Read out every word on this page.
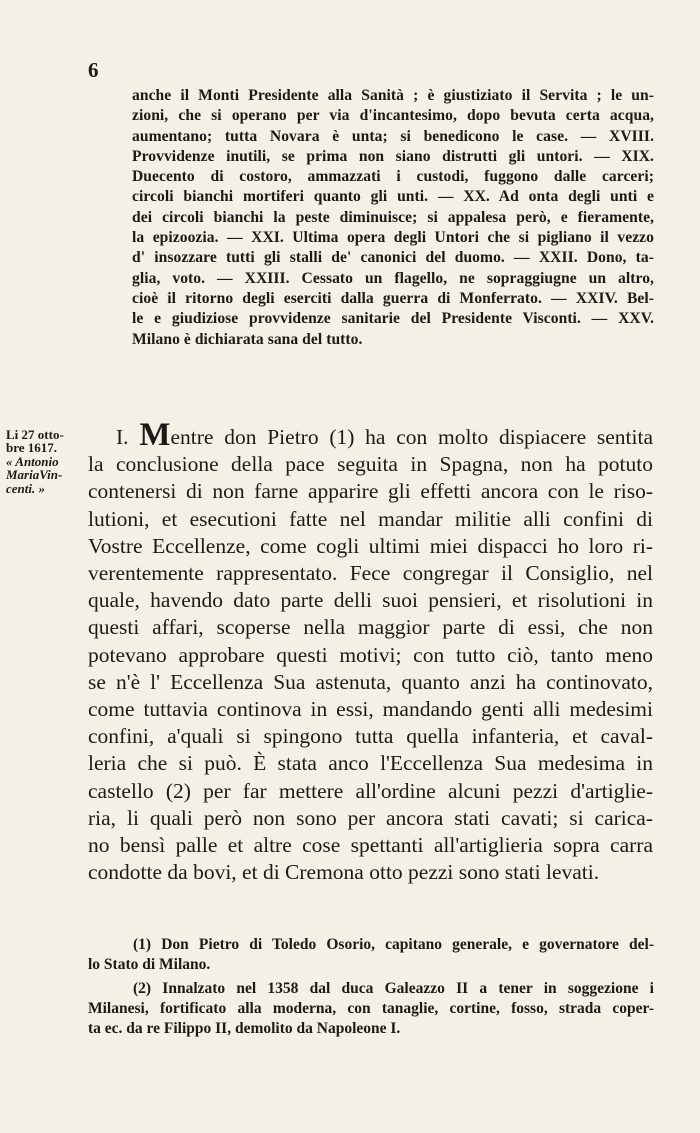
6
anche il Monti Presidente alla Sanità ; è giustiziato il Servita ; le un-
zioni, che si operano per via d'incantesimo, dopo bevuta certa acqua,
aumentano; tutta Novara è unta; si benedicono le case. — XVIII.
Provvidenze inutili, se prima non siano distrutti gli untori. — XIX.
Duecento di costoro, ammazzati i custodi, fuggono dalle carceri;
circoli bianchi mortiferi quanto gli unti. — XX. Ad onta degli unti e
dei circoli bianchi la peste diminuisce; si appalesa però, e fieramente,
la epizoozia. — XXI. Ultima opera degli Untori che si pigliano il vezzo
d' insozzare tutti gli stalli de' canonici del duomo. — XXII. Dono, ta-
glia, voto. — XXIII. Cessato un flagello, ne sopraggiugne un altro,
cioè il ritorno degli eserciti dalla guerra di Monferrato. — XXIV. Bel-
le e giudiziose provvidenze sanitarie del Presidente Visconti. — XXV.
Milano è dichiarata sana del tutto.
Li 27 otto-
bre 1617.
« Antonio
MariaVin-
centi. »
I. Mentre don Pietro (1) ha con molto dispiacere sentita
la conclusione della pace seguita in Spagna, non ha potuto
contenersi di non farne apparire gli effetti ancora con le riso-
lutioni, et esecutioni fatte nel mandar militie alli confini di
Vostre Eccellenze, come cogli ultimi miei dispacci ho loro ri-
verentemente rappresentato. Fece congregar il Consiglio, nel
quale, havendo dato parte delli suoi pensieri, et risolutioni in
questi affari, scoperse nella maggior parte di essi, che non
potevano approbare questi motivi; con tutto ciò, tanto meno
se n'è l' Eccellenza Sua astenuta, quanto anzi ha continovato,
come tuttavia continova in essi, mandando genti alli medesimi
confini, a'quali si spingono tutta quella infanteria, et caval-
leria che si può. È stata anco l'Eccellenza Sua medesima in
castello (2) per far mettere all'ordine alcuni pezzi d'artiglie-
ria, li quali però non sono per ancora stati cavati; si carica-
no bensì palle et altre cose spettanti all'artiglieria sopra carra
condotte da bovi, et di Cremona otto pezzi sono stati levati.
(1) Don Pietro di Toledo Osorio, capitano generale, e governatore del-
lo Stato di Milano.
(2) Innalzato nel 1358 dal duca Galeazzo II a tener in soggezione i
Milanesi, fortificato alla moderna, con tanaglie, cortine, fosso, strada coper-
ta ec. da re Filippo II, demolito da Napoleone I.
